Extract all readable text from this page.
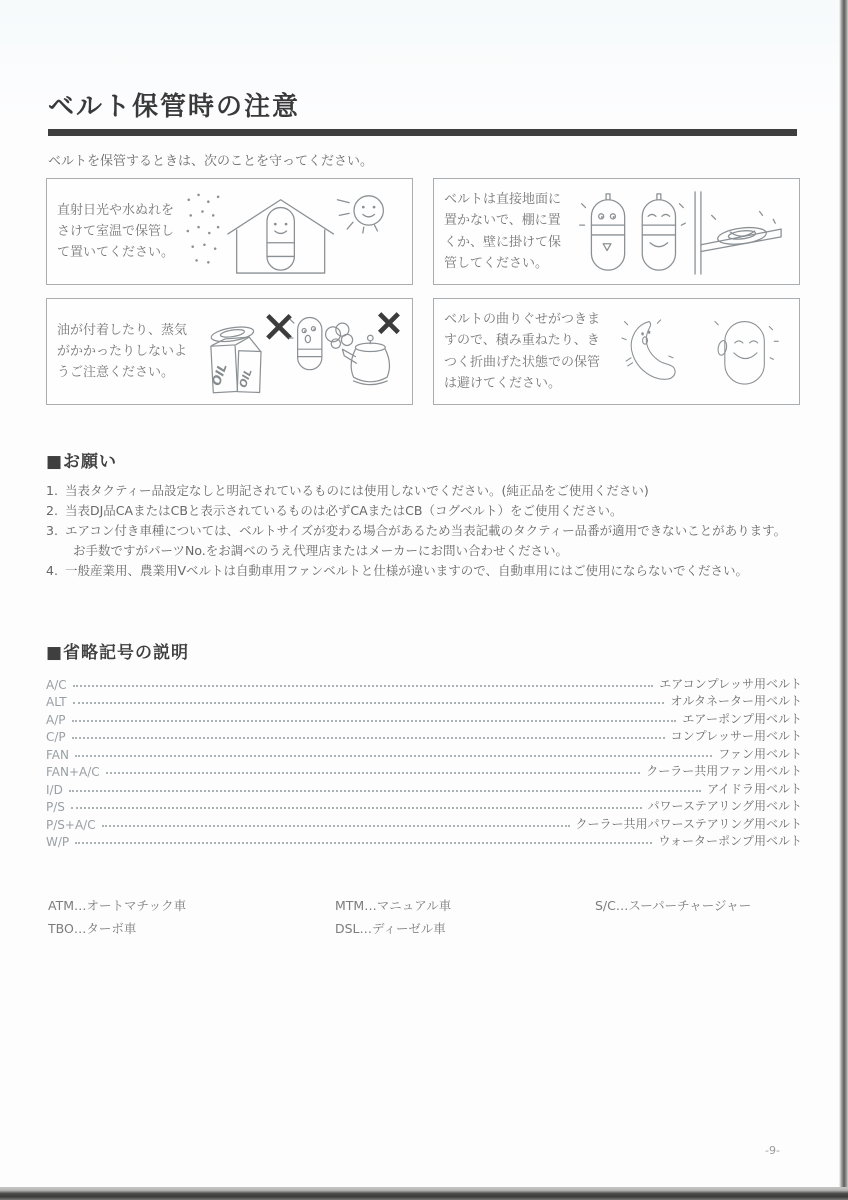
ベルト保管時の注意
ベルトを保管するときは、次のことを守ってください。
直射日光や水ぬれをさけて室温で保管して置いてください。
ベルトは直接地面に置かないで、棚に置くか、壁に掛けて保管してください。
油が付着したり、蒸気がかかったりしないようご注意ください。	OIL OIL
ベルトの曲りぐせがつきますので、積み重ねたり、きつく折曲げた状態での保管は避けてください。
■お願い
1. 当表タクティー品設定なしと明記されているものには使用しないでください。(純正品をご使用ください)
2. 当表DJ品CAまたはCBと表示されているものは必ずCAまたはCB（コグベルト）をご使用ください。
3. エアコン付き車種については、ベルトサイズが変わる場合があるため当表記載のタクティー品番が適用できないことがあります。
お手数ですがパーツNo.をお調べのうえ代理店またはメーカーにお問い合わせください。
4. 一般産業用、農業用Vベルトは自動車用ファンベルトと仕様が違いますので、自動車用にはご使用にならないでください。
■省略記号の説明
A/C	エアコンプレッサ用ベルト
ALT	オルタネーター用ベルト
A/P	エアーポンプ用ベルト
C/P	コンプレッサー用ベルト
FAN	ファン用ベルト
FAN+A/C	クーラー共用ファン用ベルト
I/D	アイドラ用ベルト
P/S	パワーステアリング用ベルト
P/S+A/C	クーラー共用パワーステアリング用ベルト
W/P	ウォーターポンプ用ベルト
ATM…オートマチック車	MTM…マニュアル車	S/C…スーパーチャージャー
TBO…ターボ車	DSL…ディーゼル車
-9-
